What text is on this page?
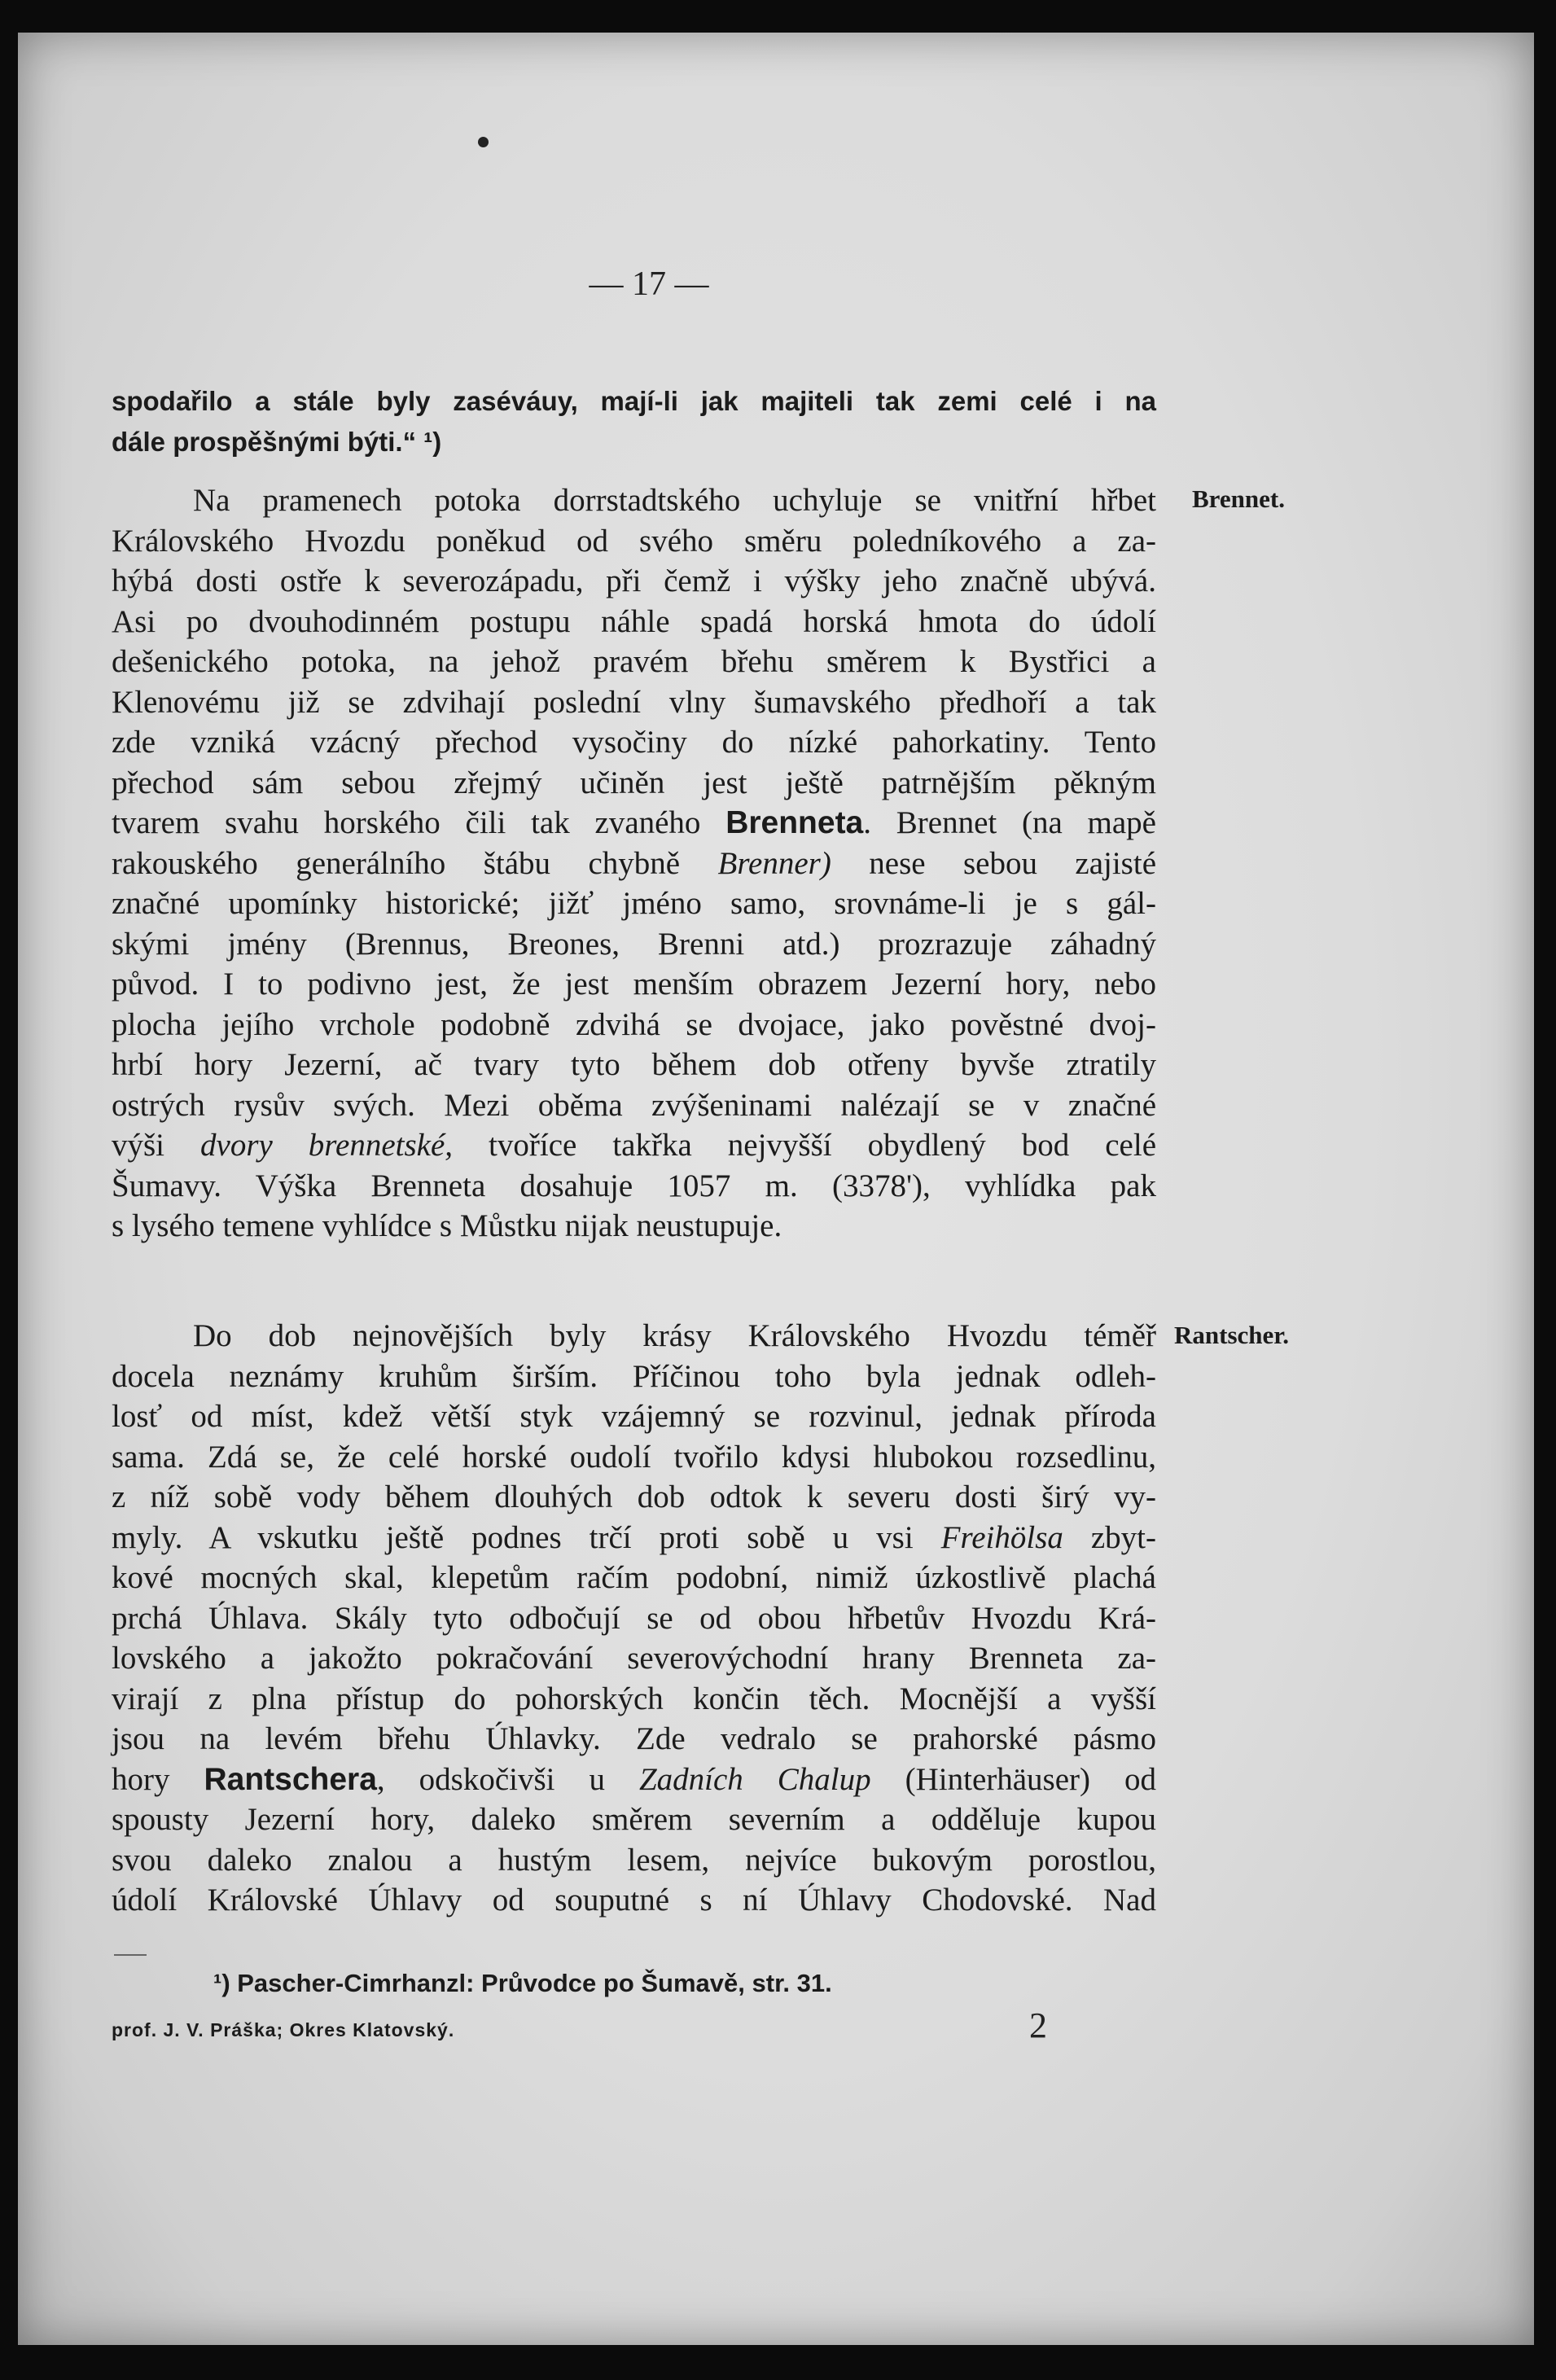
— 17 —
spodařilo a stále byly zaséváuy, mají-li jak majiteli tak zemi celé i na
dále prospěšnými býti.“ ¹)
Brennet.
Na pramenech potoka dorrstadtského uchyluje se vnitřní hřbet
Královského Hvozdu poněkud od svého směru poledníkového a za-
hýbá dosti ostře k severozápadu, při čemž i výšky jeho značně ubývá.
Asi po dvouhodinném postupu náhle spadá horská hmota do údolí
dešenického potoka, na jehož pravém břehu směrem k Bystřici a
Klenovému již se zdvihají poslední vlny šumavského předhoří a tak
zde vzniká vzácný přechod vysočiny do nízké pahorkatiny. Tento
přechod sám sebou zřejmý učiněn jest ještě patrnějším pěkným
tvarem svahu horského čili tak zvaného Brenneta. Brennet (na mapě
rakouského generálního štábu chybně Brenner) nese sebou zajisté
značné upomínky historické; jižť jméno samo, srovnáme-li je s gál-
skými jmény (Brennus, Breones, Brenni atd.) prozrazuje záhadný
původ. I to podivno jest, že jest menším obrazem Jezerní hory, nebo
plocha jejího vrchole podobně zdvihá se dvojace, jako pověstné dvoj-
hrbí hory Jezerní, ač tvary tyto během dob otřeny byvše ztratily
ostrých rysův svých. Mezi oběma zvýšeninami nalézají se v značné
výši dvory brennetské, tvoříce takřka nejvyšší obydlený bod celé
Šumavy. Výška Brenneta dosahuje 1057 m. (3378'), vyhlídka pak
s lysého temene vyhlídce s Můstku nijak neustupuje.
Rantscher.
Do dob nejnovějších byly krásy Královského Hvozdu téměř
docela neznámy kruhům širším. Příčinou toho byla jednak odleh-
losť od míst, kdež větší styk vzájemný se rozvinul, jednak příroda
sama. Zdá se, že celé horské oudolí tvořilo kdysi hlubokou rozsedlinu,
z níž sobě vody během dlouhých dob odtok k severu dosti širý vy-
myly. A vskutku ještě podnes trčí proti sobě u vsi Freihölsa zbyt-
kové mocných skal, klepetům račím podobní, nimiž úzkostlivě plachá
prchá Úhlava. Skály tyto odbočují se od obou hřbetův Hvozdu Krá-
lovského a jakožto pokračování severovýchodní hrany Brenneta za-
virají z plna přístup do pohorských končin těch. Mocnější a vyšší
jsou na levém břehu Úhlavky. Zde vedralo se prahorské pásmo
hory Rantschera, odskočivši u Zadních Chalup (Hinterhäuser) od
spousty Jezerní hory, daleko směrem severním a odděluje kupou
svou daleko znalou a hustým lesem, nejvíce bukovým porostlou,
údolí Královské Úhlavy od souputné s ní Úhlavy Chodovské. Nad
¹) Pascher-Cimrhanzl: Průvodce po Šumavě, str. 31.
prof. J. V. Práška; Okres Klatovský.	2
